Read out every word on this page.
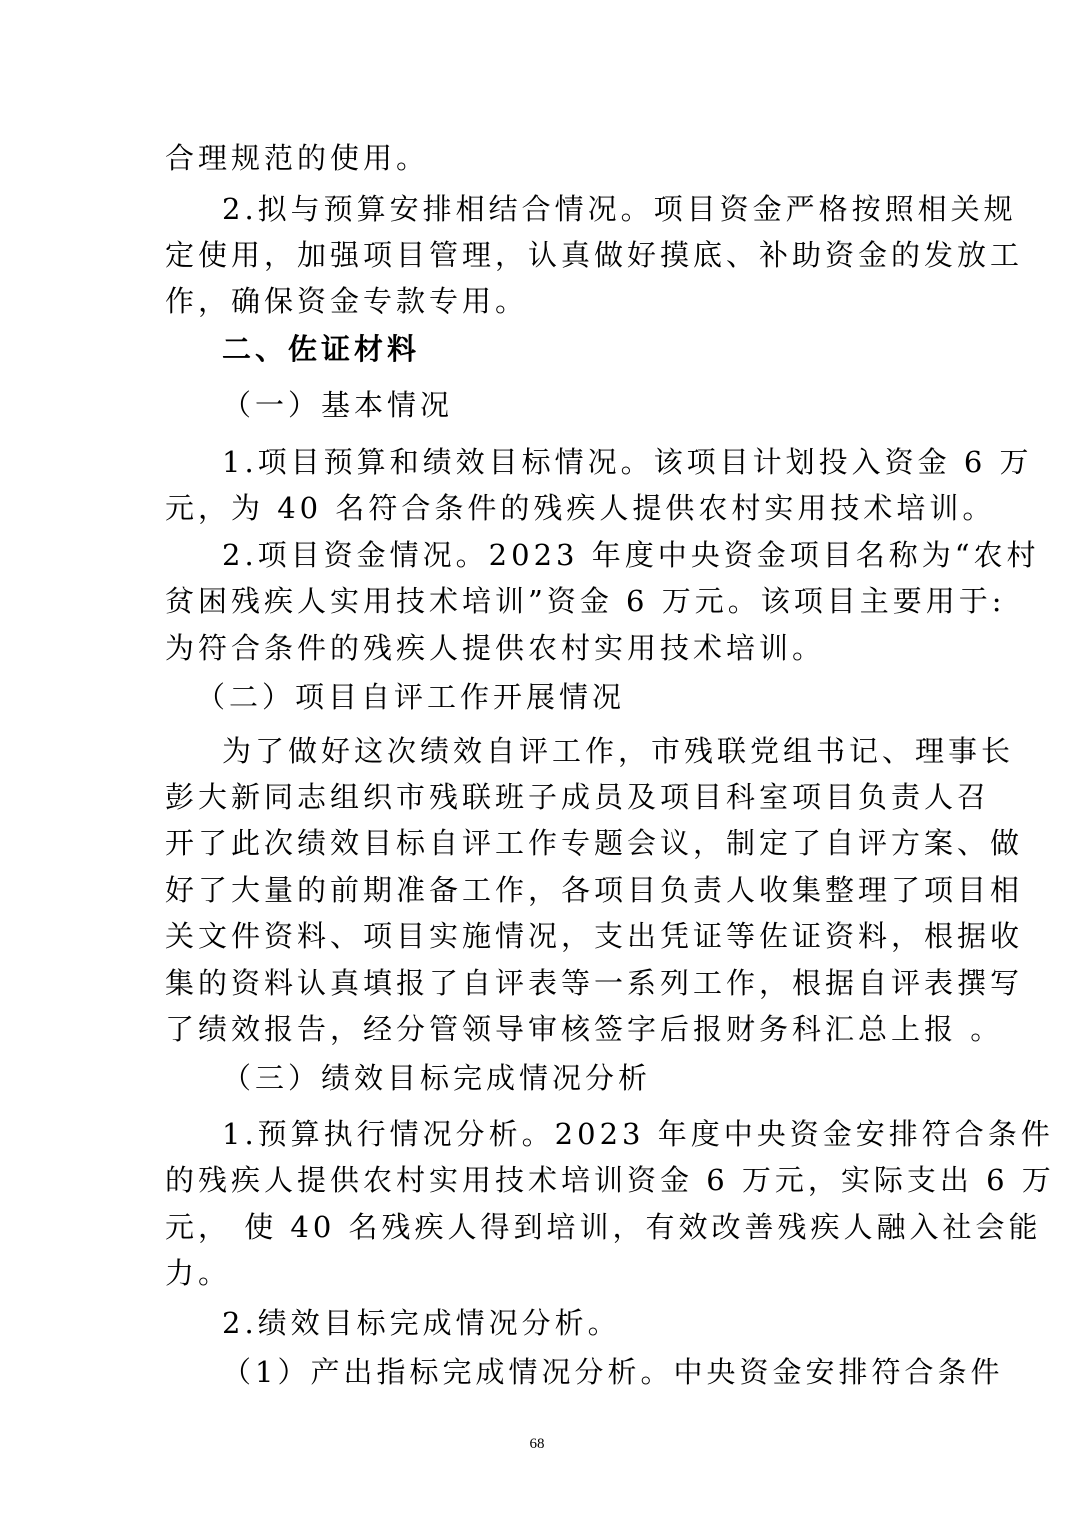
合理规范的使用。
2.拟与预算安排相结合情况。项目资金严格按照相关规
定使用，加强项目管理，认真做好摸底、补助资金的发放工
作，确保资金专款专用。
二、佐证材料
（一）基本情况
1.项目预算和绩效目标情况。该项目计划投入资金 6 万
元，为 40 名符合条件的残疾人提供农村实用技术培训。
2.项目资金情况。2023 年度中央资金项目名称为“农村
贫困残疾人实用技术培训”资金 6 万元。该项目主要用于:
为符合条件的残疾人提供农村实用技术培训。
（二）项目自评工作开展情况
为了做好这次绩效自评工作，市残联党组书记、理事长
彭大新同志组织市残联班子成员及项目科室项目负责人召
开了此次绩效目标自评工作专题会议，制定了自评方案、做
好了大量的前期准备工作，各项目负责人收集整理了项目相
关文件资料、项目实施情况，支出凭证等佐证资料，根据收
集的资料认真填报了自评表等一系列工作，根据自评表撰写
了绩效报告，经分管领导审核签字后报财务科汇总上报 。
（三）绩效目标完成情况分析
1.预算执行情况分析。2023 年度中央资金安排符合条件
的残疾人提供农村实用技术培训资金 6 万元，实际支出 6 万
元， 使 40 名残疾人得到培训，有效改善残疾人融入社会能
力。
2.绩效目标完成情况分析。
（1）产出指标完成情况分析。中央资金安排符合条件
68
